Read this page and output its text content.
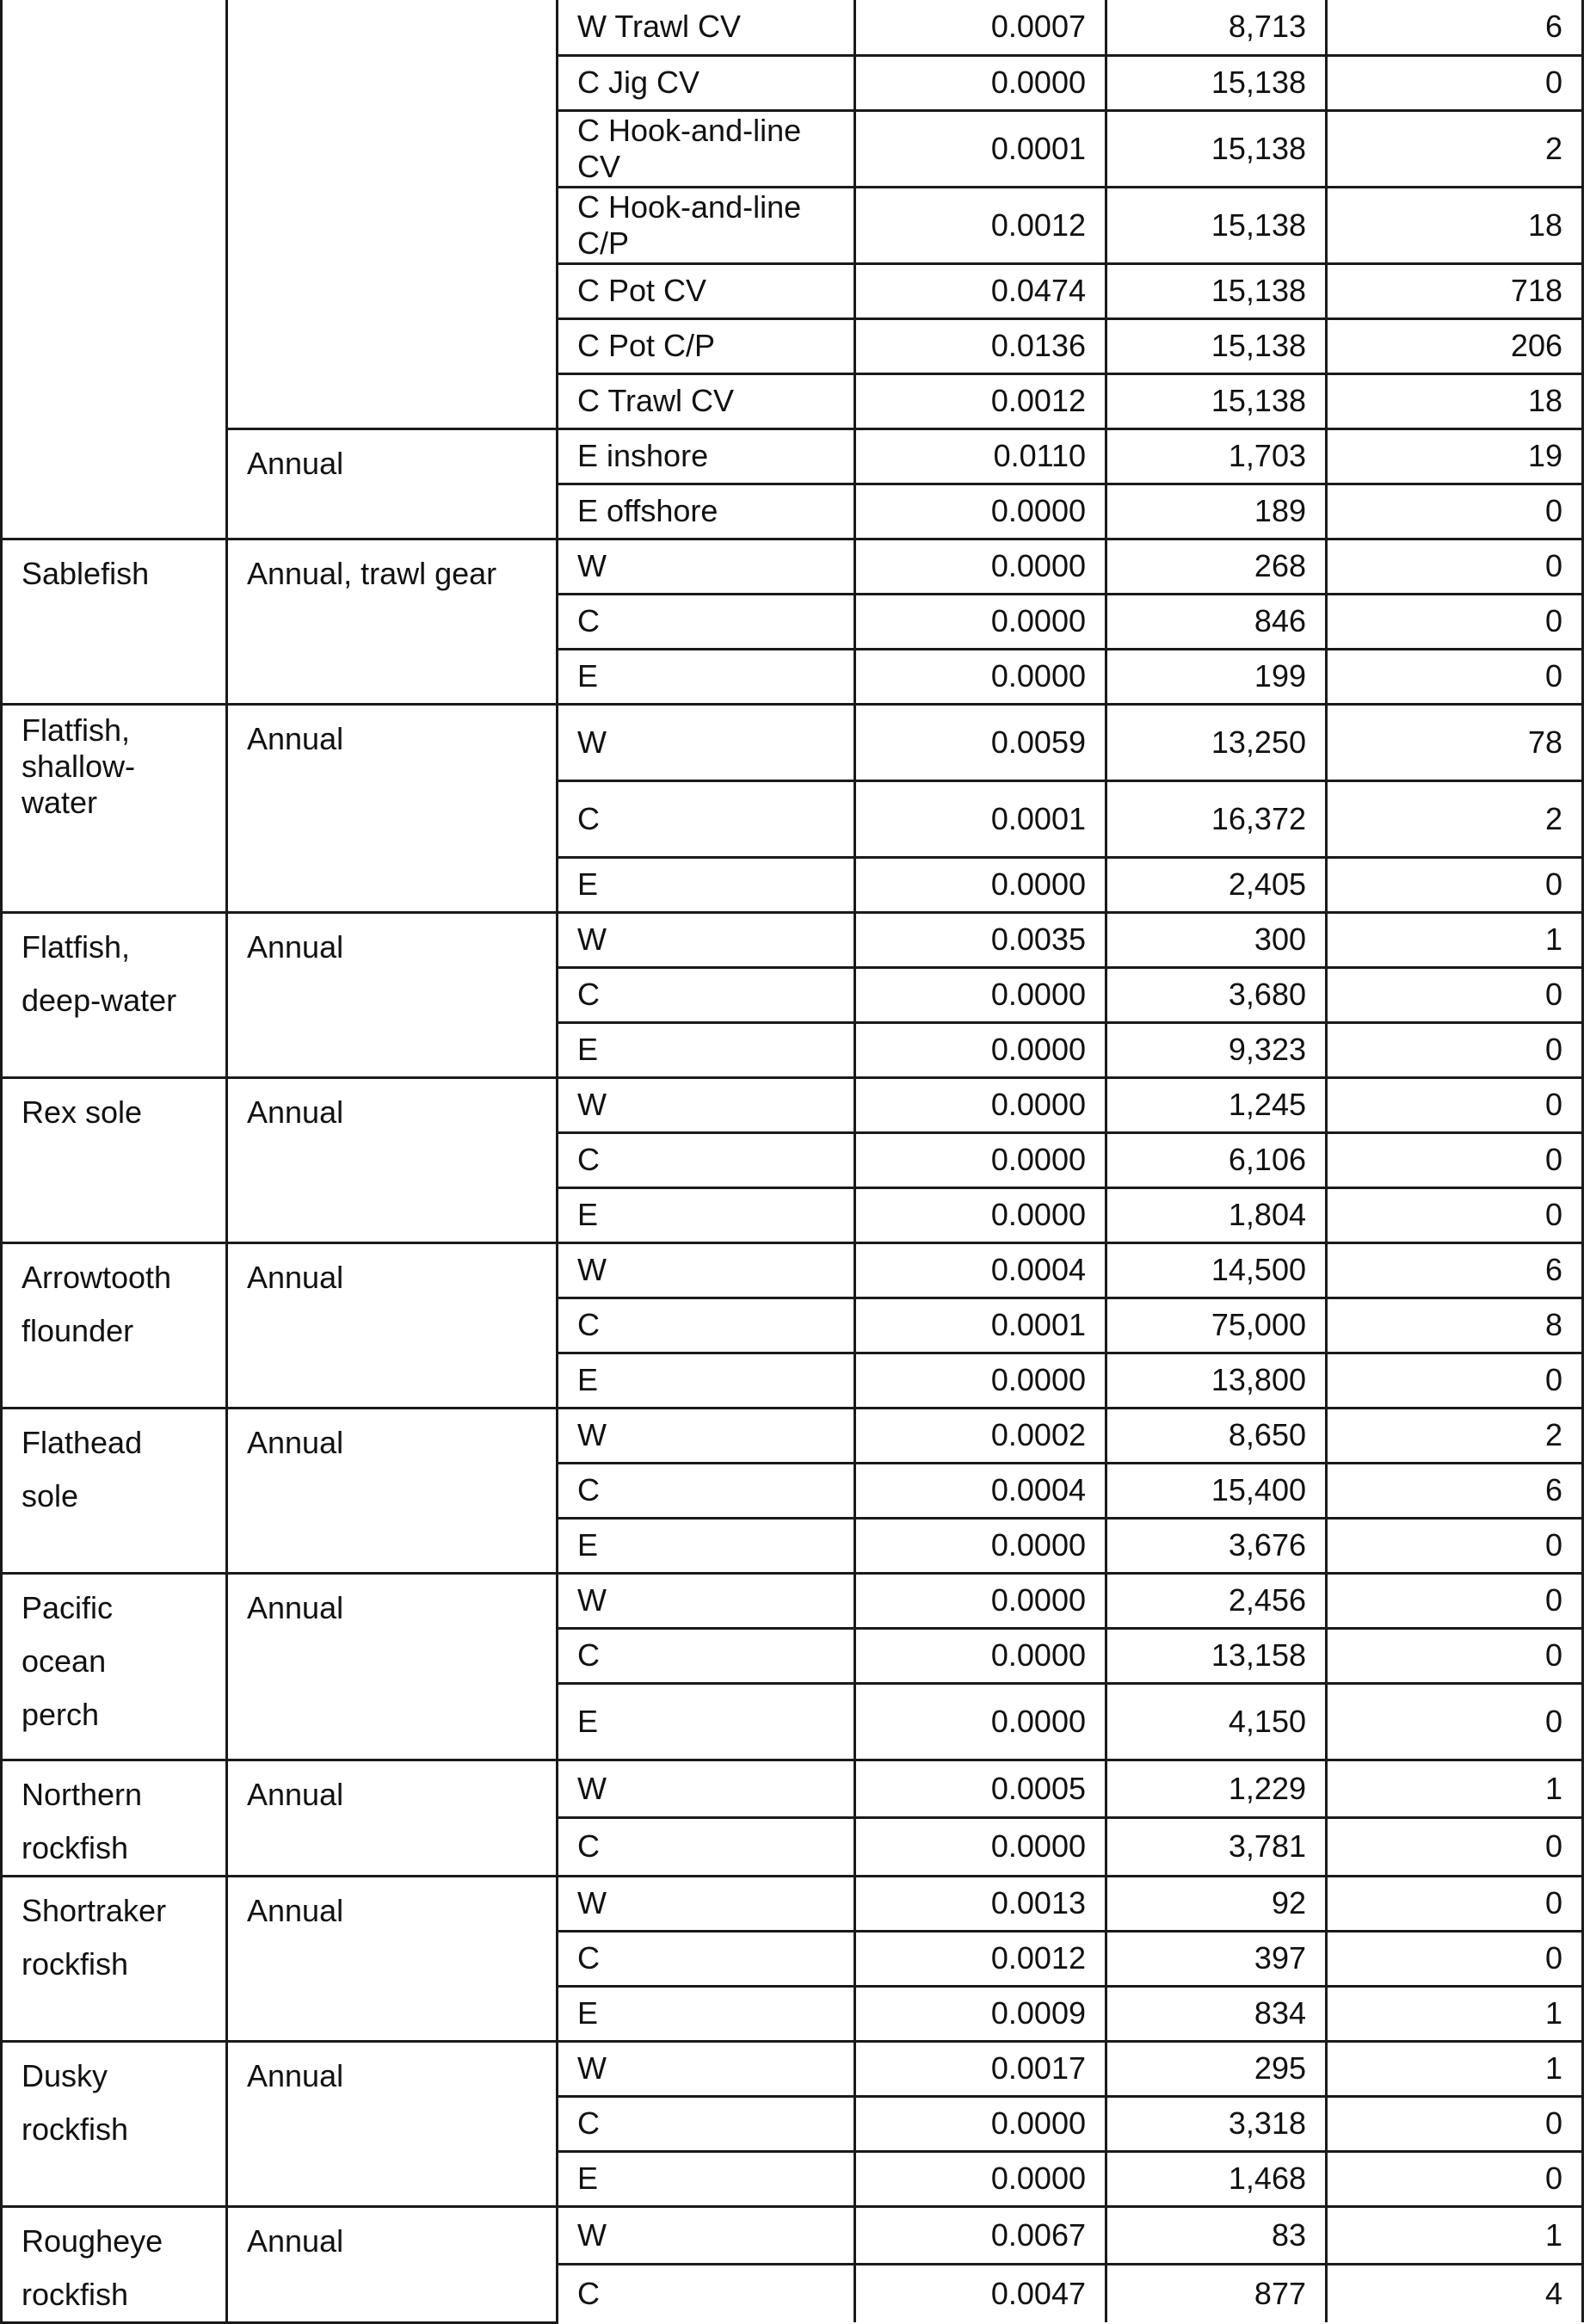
		W Trawl CV	0.0007	8,713	6
		C Jig CV	0.0000	15,138	0
		C Hook-and-line CV	0.0001	15,138	2
		C Hook-and-line C/P	0.0012	15,138	18
		C Pot CV	0.0474	15,138	718
		C Pot C/P	0.0136	15,138	206
		C Trawl CV	0.0012	15,138	18
	Annual	E inshore	0.0110	1,703	19
		E offshore	0.0000	189	0
Sablefish	Annual, trawl gear	W	0.0000	268	0
		C	0.0000	846	0
		E	0.0000	199	0
Flatfish,
shallow-
water	Annual	W	0.0059	13,250	78
		C	0.0001	16,372	2
		E	0.0000	2,405	0
Flatfish,
deep-water	Annual	W	0.0035	300	1
		C	0.0000	3,680	0
		E	0.0000	9,323	0
Rex sole	Annual	W	0.0000	1,245	0
		C	0.0000	6,106	0
		E	0.0000	1,804	0
Arrowtooth
flounder	Annual	W	0.0004	14,500	6
		C	0.0001	75,000	8
		E	0.0000	13,800	0
Flathead
sole	Annual	W	0.0002	8,650	2
		C	0.0004	15,400	6
		E	0.0000	3,676	0
Pacific
ocean
perch	Annual	W	0.0000	2,456	0
		C	0.0000	13,158	0
		E	0.0000	4,150	0
Northern
rockfish	Annual	W	0.0005	1,229	1
		C	0.0000	3,781	0
Shortraker
rockfish	Annual	W	0.0013	92	0
		C	0.0012	397	0
		E	0.0009	834	1
Dusky
rockfish	Annual	W	0.0017	295	1
		C	0.0000	3,318	0
		E	0.0000	1,468	0
Rougheye
rockfish	Annual	W	0.0067	83	1
		C	0.0047	877	4
